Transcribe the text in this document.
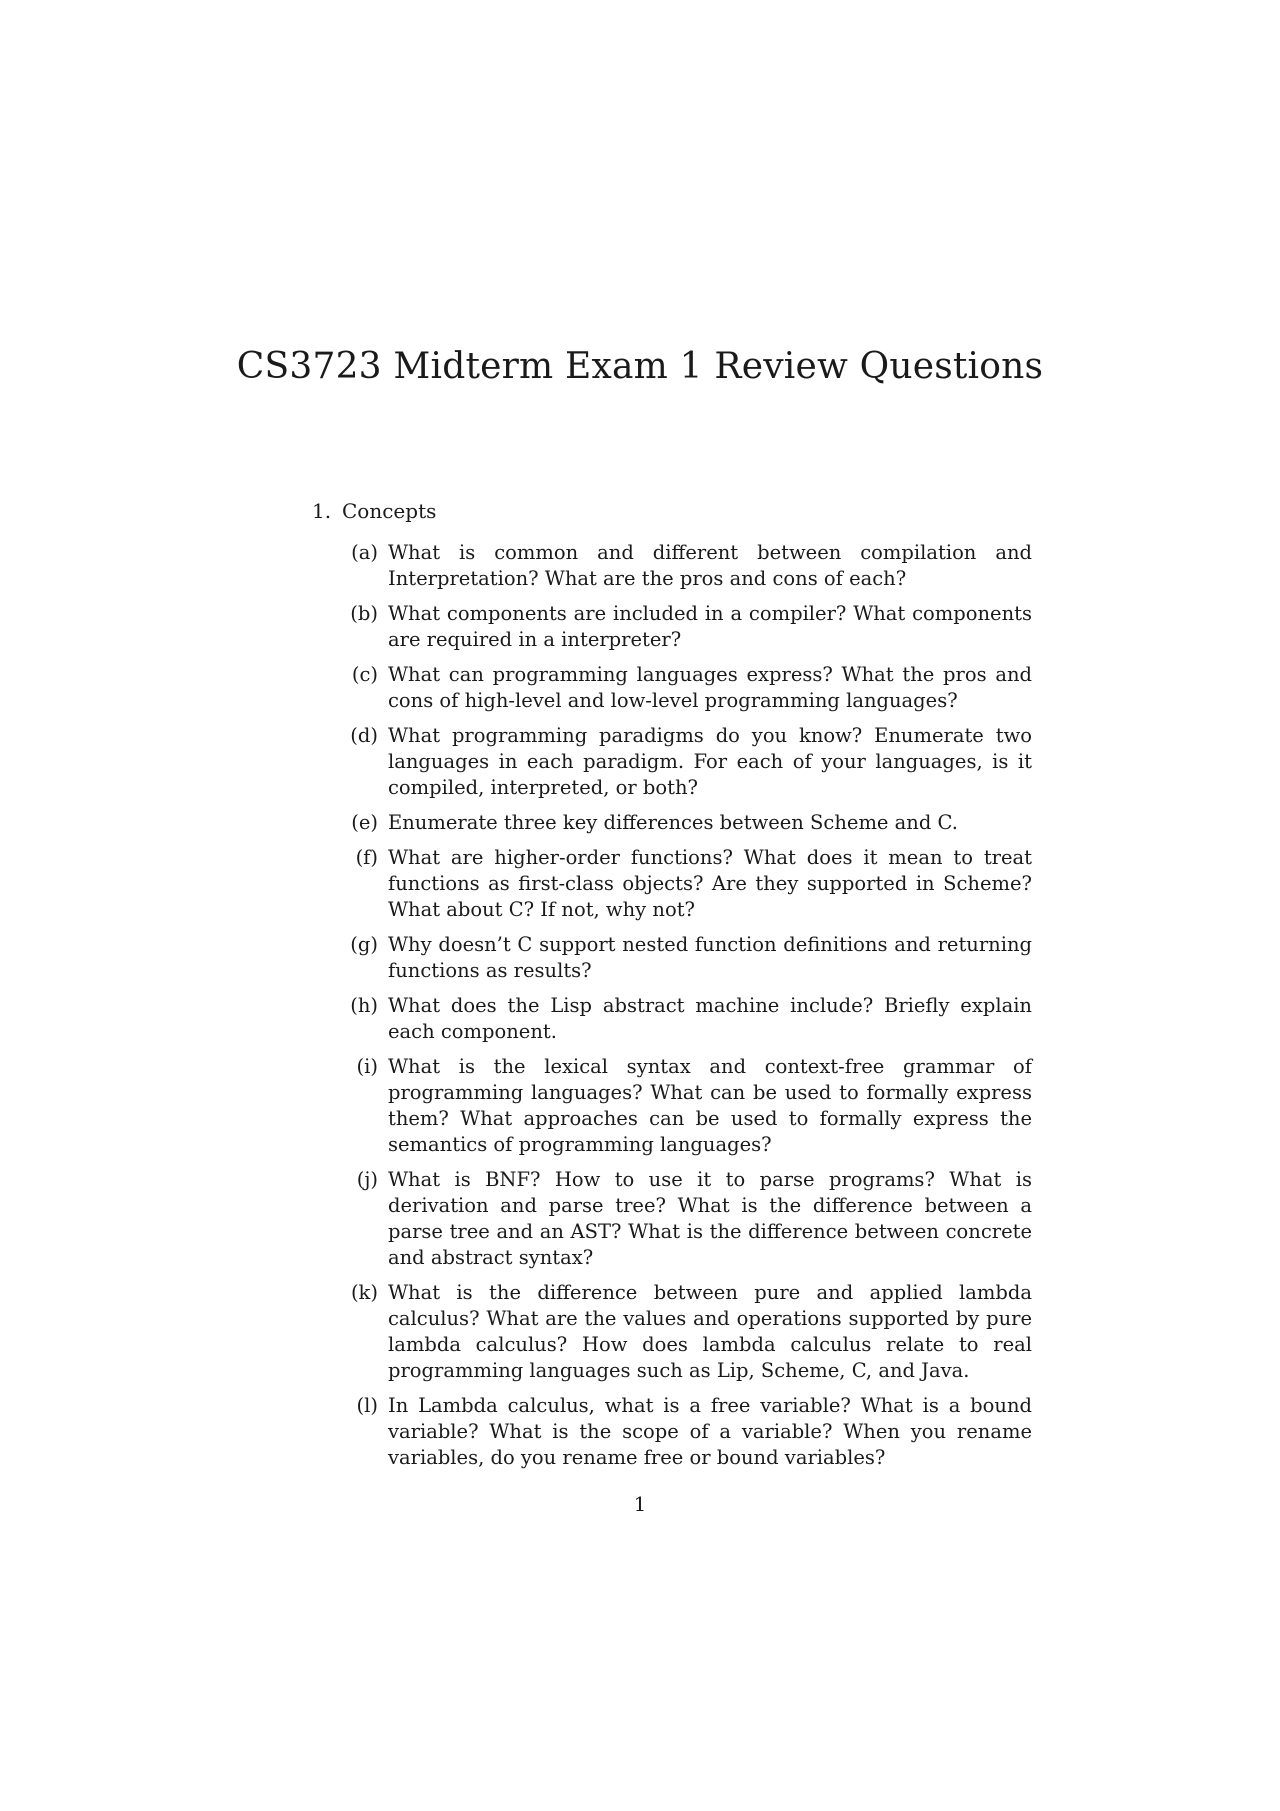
CS3723 Midterm Exam 1 Review Questions
1. Concepts
(a) What is common and different between compilation and Interpretation? What are the pros and cons of each?
(b) What components are included in a compiler? What components are required in a interpreter?
(c) What can programming languages express? What the pros and cons of high-level and low-level programming languages?
(d) What programming paradigms do you know? Enumerate two languages in each paradigm. For each of your languages, is it compiled, interpreted, or both?
(e) Enumerate three key differences between Scheme and C.
(f) What are higher-order functions? What does it mean to treat functions as first-class objects? Are they supported in Scheme? What about C? If not, why not?
(g) Why doesn’t C support nested function definitions and returning functions as results?
(h) What does the Lisp abstract machine include? Briefly explain each component.
(i) What is the lexical syntax and context-free grammar of programming languages? What can be used to formally express them? What approaches can be used to formally express the semantics of programming languages?
(j) What is BNF? How to use it to parse programs? What is derivation and parse tree? What is the difference between a parse tree and an AST? What is the difference between concrete and abstract syntax?
(k) What is the difference between pure and applied lambda calculus? What are the values and operations supported by pure lambda calculus? How does lambda calculus relate to real programming languages such as Lip, Scheme, C, and Java.
(l) In Lambda calculus, what is a free variable? What is a bound variable? What is the scope of a variable? When you rename variables, do you rename free or bound variables?
1
